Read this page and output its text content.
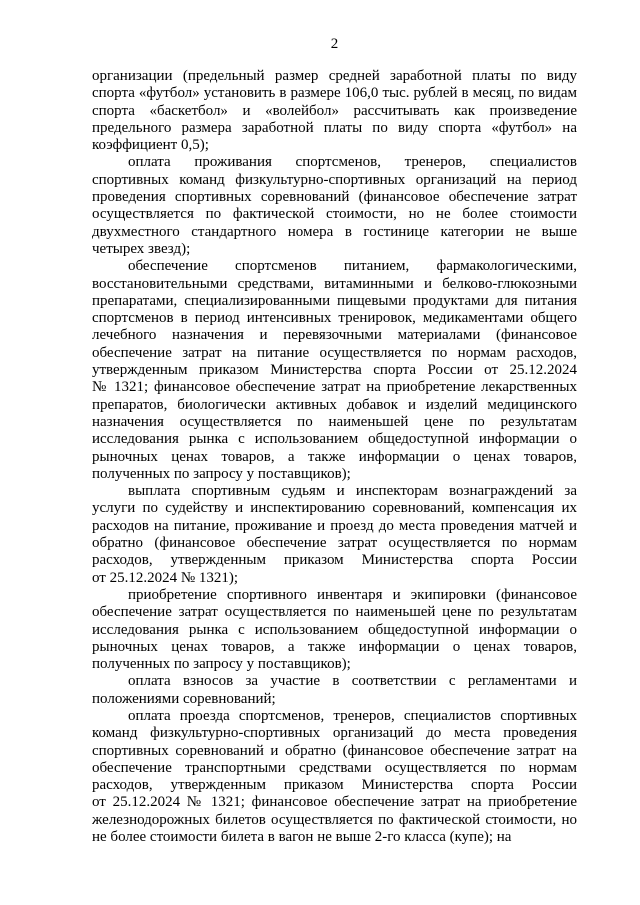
2

организации (предельный размер средней заработной платы по виду спорта «футбол» установить в размере 106,0 тыс. рублей в месяц, по видам спорта «баскетбол» и «волейбол» рассчитывать как произведение предельного размера заработной платы по виду спорта «футбол» на коэффициент 0,5);

оплата проживания спортсменов, тренеров, специалистов спортивных команд физкультурно-спортивных организаций на период проведения спортивных соревнований (финансовое обеспечение затрат осуществляется по фактической стоимости, но не более стоимости двухместного стандартного номера в гостинице категории не выше четырех звезд);

обеспечение спортсменов питанием, фармакологическими, восстановительными средствами, витаминными и белково-глюкозными препаратами, специализированными пищевыми продуктами для питания спортсменов в период интенсивных тренировок, медикаментами общего лечебного назначения и перевязочными материалами (финансовое обеспечение затрат на питание осуществляется по нормам расходов, утвержденным приказом Министерства спорта России от 25.12.2024 № 1321; финансовое обеспечение затрат на приобретение лекарственных препаратов, биологически активных добавок и изделий медицинского назначения осуществляется по наименьшей цене по результатам исследования рынка с использованием общедоступной информации о рыночных ценах товаров, а также информации о ценах товаров, полученных по запросу у поставщиков);

выплата спортивным судьям и инспекторам вознаграждений за услуги по судейству и инспектированию соревнований, компенсация их расходов на питание, проживание и проезд до места проведения матчей и обратно (финансовое обеспечение затрат осуществляется по нормам расходов, утвержденным приказом Министерства спорта России от 25.12.2024 № 1321);

приобретение спортивного инвентаря и экипировки (финансовое обеспечение затрат осуществляется по наименьшей цене по результатам исследования рынка с использованием общедоступной информации о рыночных ценах товаров, а также информации о ценах товаров, полученных по запросу у поставщиков);

оплата взносов за участие в соответствии с регламентами и положениями соревнований;

оплата проезда спортсменов, тренеров, специалистов спортивных команд физкультурно-спортивных организаций до места проведения спортивных соревнований и обратно (финансовое обеспечение затрат на обеспечение транспортными средствами осуществляется по нормам расходов, утвержденным приказом Министерства спорта России от 25.12.2024 № 1321; финансовое обеспечение затрат на приобретение железнодорожных билетов осуществляется по фактической стоимости, но не более стоимости билета в вагон не выше 2-го класса (купе); на
